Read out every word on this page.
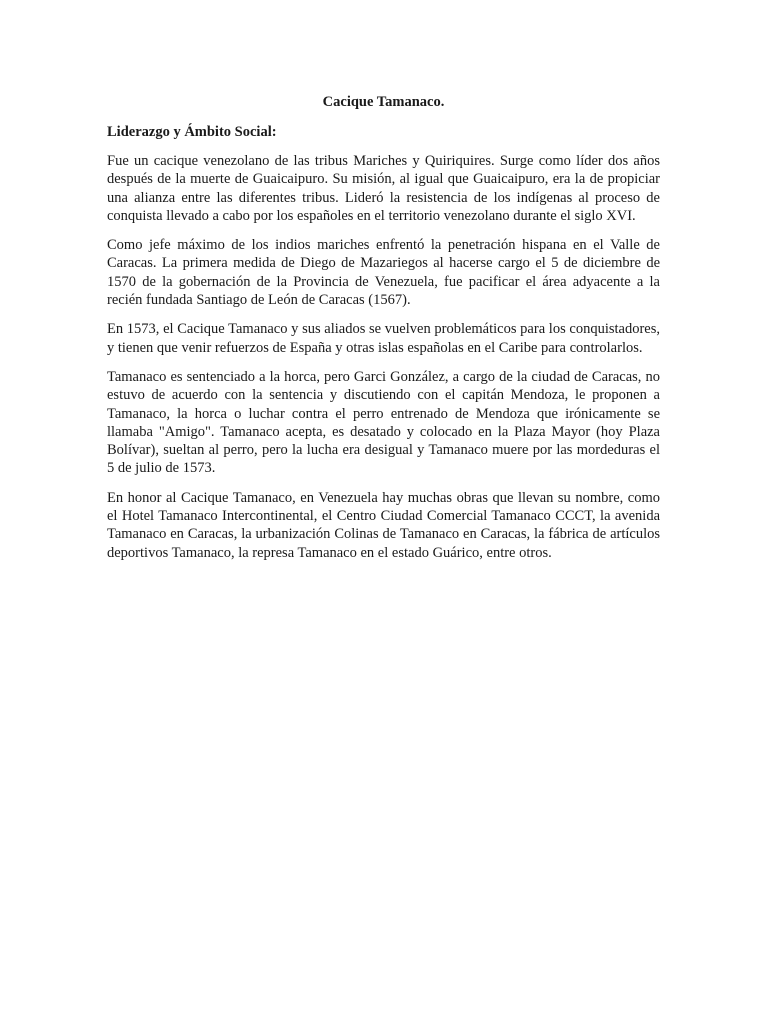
Cacique Tamanaco.
Liderazgo y Ámbito Social:

Fue un cacique venezolano de las tribus Mariches y Quiriquires. Surge como líder dos años después de la muerte de Guaicaipuro. Su misión, al igual que Guaicaipuro, era la de propiciar una alianza entre las diferentes tribus. Lideró la resistencia de los indígenas al proceso de conquista llevado a cabo por los españoles en el territorio venezolano durante el siglo XVI.

Como jefe máximo de los indios mariches enfrentó la penetración hispana en el Valle de Caracas. La primera medida de Diego de Mazariegos al hacerse cargo el 5 de diciembre de 1570 de la gobernación de la Provincia de Venezuela, fue pacificar el área adyacente a la recién fundada Santiago de León de Caracas (1567).

En 1573, el Cacique Tamanaco y sus aliados se vuelven problemáticos para los conquistadores, y tienen que venir refuerzos de España y otras islas españolas en el Caribe para controlarlos.

Tamanaco es sentenciado a la horca, pero Garci González, a cargo de la ciudad de Caracas, no estuvo de acuerdo con la sentencia y discutiendo con el capitán Mendoza, le proponen a Tamanaco, la horca o luchar contra el perro entrenado de Mendoza que irónicamente se llamaba "Amigo". Tamanaco acepta, es desatado y colocado en la Plaza Mayor (hoy Plaza Bolívar), sueltan al perro, pero la lucha era desigual y Tamanaco muere por las mordeduras el 5 de julio de 1573.

En honor al Cacique Tamanaco, en Venezuela hay muchas obras que llevan su nombre, como el Hotel Tamanaco Intercontinental, el Centro Ciudad Comercial Tamanaco CCCT, la avenida Tamanaco en Caracas, la urbanización Colinas de Tamanaco en Caracas, la fábrica de artículos deportivos Tamanaco, la represa Tamanaco en el estado Guárico, entre otros.
